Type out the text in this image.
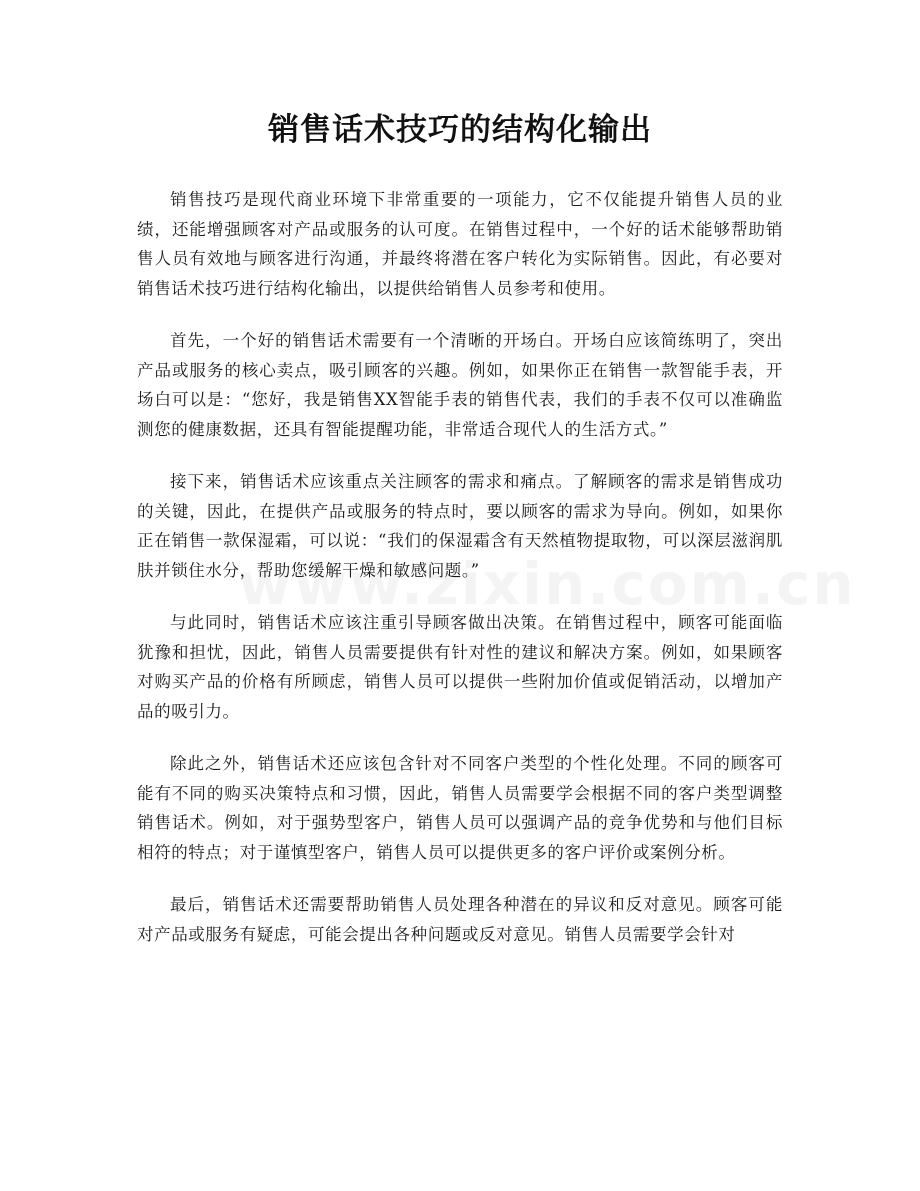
销售话术技巧的结构化输出

销售技巧是现代商业环境下非常重要的一项能力，它不仅能提升销售人员的业绩，还能增强顾客对产品或服务的认可度。在销售过程中，一个好的话术能够帮助销售人员有效地与顾客进行沟通，并最终将潜在客户转化为实际销售。因此，有必要对销售话术技巧进行结构化输出，以提供给销售人员参考和使用。

首先，一个好的销售话术需要有一个清晰的开场白。开场白应该简练明了，突出产品或服务的核心卖点，吸引顾客的兴趣。例如，如果你正在销售一款智能手表，开场白可以是：“您好，我是销售XX智能手表的销售代表，我们的手表不仅可以准确监测您的健康数据，还具有智能提醒功能，非常适合现代人的生活方式。”

接下来，销售话术应该重点关注顾客的需求和痛点。了解顾客的需求是销售成功的关键，因此，在提供产品或服务的特点时，要以顾客的需求为导向。例如，如果你正在销售一款保湿霜，可以说：“我们的保湿霜含有天然植物提取物，可以深层滋润肌肤并锁住水分，帮助您缓解干燥和敏感问题。”

与此同时，销售话术应该注重引导顾客做出决策。在销售过程中，顾客可能面临犹豫和担忧，因此，销售人员需要提供有针对性的建议和解决方案。例如，如果顾客对购买产品的价格有所顾虑，销售人员可以提供一些附加价值或促销活动，以增加产品的吸引力。

除此之外，销售话术还应该包含针对不同客户类型的个性化处理。不同的顾客可能有不同的购买决策特点和习惯，因此，销售人员需要学会根据不同的客户类型调整销售话术。例如，对于强势型客户，销售人员可以强调产品的竞争优势和与他们目标相符的特点；对于谨慎型客户，销售人员可以提供更多的客户评价或案例分析。

最后，销售话术还需要帮助销售人员处理各种潜在的异议和反对意见。顾客可能对产品或服务有疑虑，可能会提出各种问题或反对意见。销售人员需要学会针对
